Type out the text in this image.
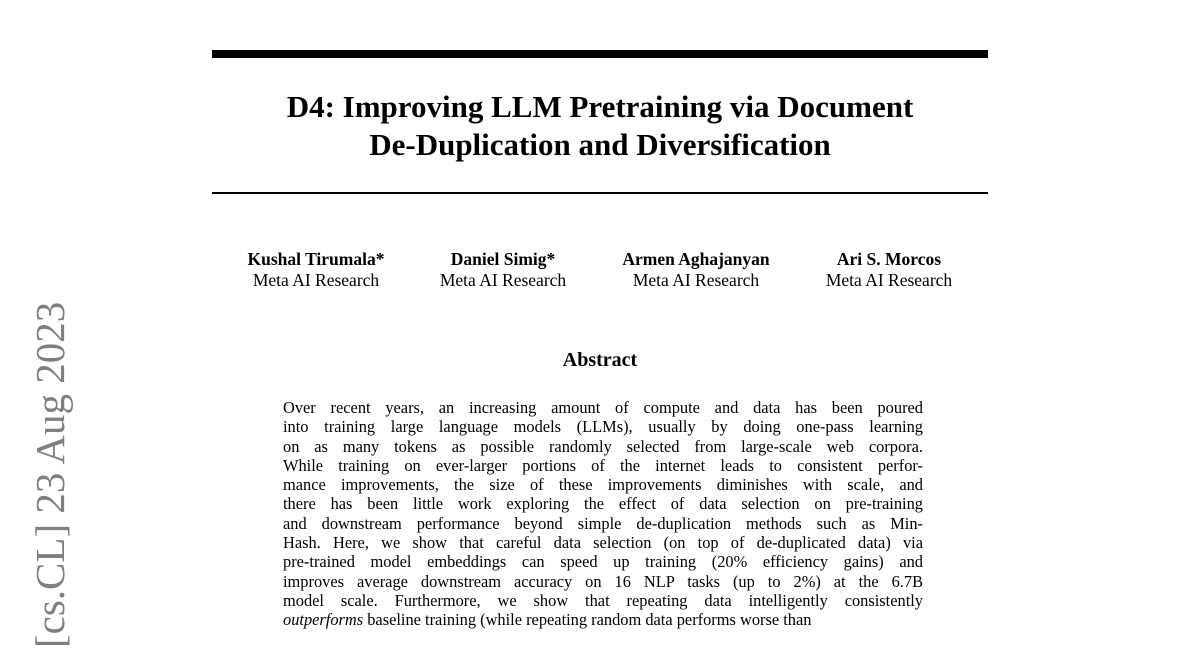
D4: Improving LLM Pretraining via Document
De-Duplication and Diversification
Kushal Tirumala*
Meta AI Research
Daniel Simig*
Meta AI Research
Armen Aghajanyan
Meta AI Research
Ari S. Morcos
Meta AI Research
Abstract
Over recent years, an increasing amount of compute and data has been poured
into training large language models (LLMs), usually by doing one-pass learning
on as many tokens as possible randomly selected from large-scale web corpora.
While training on ever-larger portions of the internet leads to consistent perfor-
mance improvements, the size of these improvements diminishes with scale, and
there has been little work exploring the effect of data selection on pre-training
and downstream performance beyond simple de-duplication methods such as Min-
Hash. Here, we show that careful data selection (on top of de-duplicated data) via
pre-trained model embeddings can speed up training (20% efficiency gains) and
improves average downstream accuracy on 16 NLP tasks (up to 2%) at the 6.7B
model scale. Furthermore, we show that repeating data intelligently consistently
outperforms baseline training (while repeating random data performs worse than
[cs.CL] 23 Aug 2023
